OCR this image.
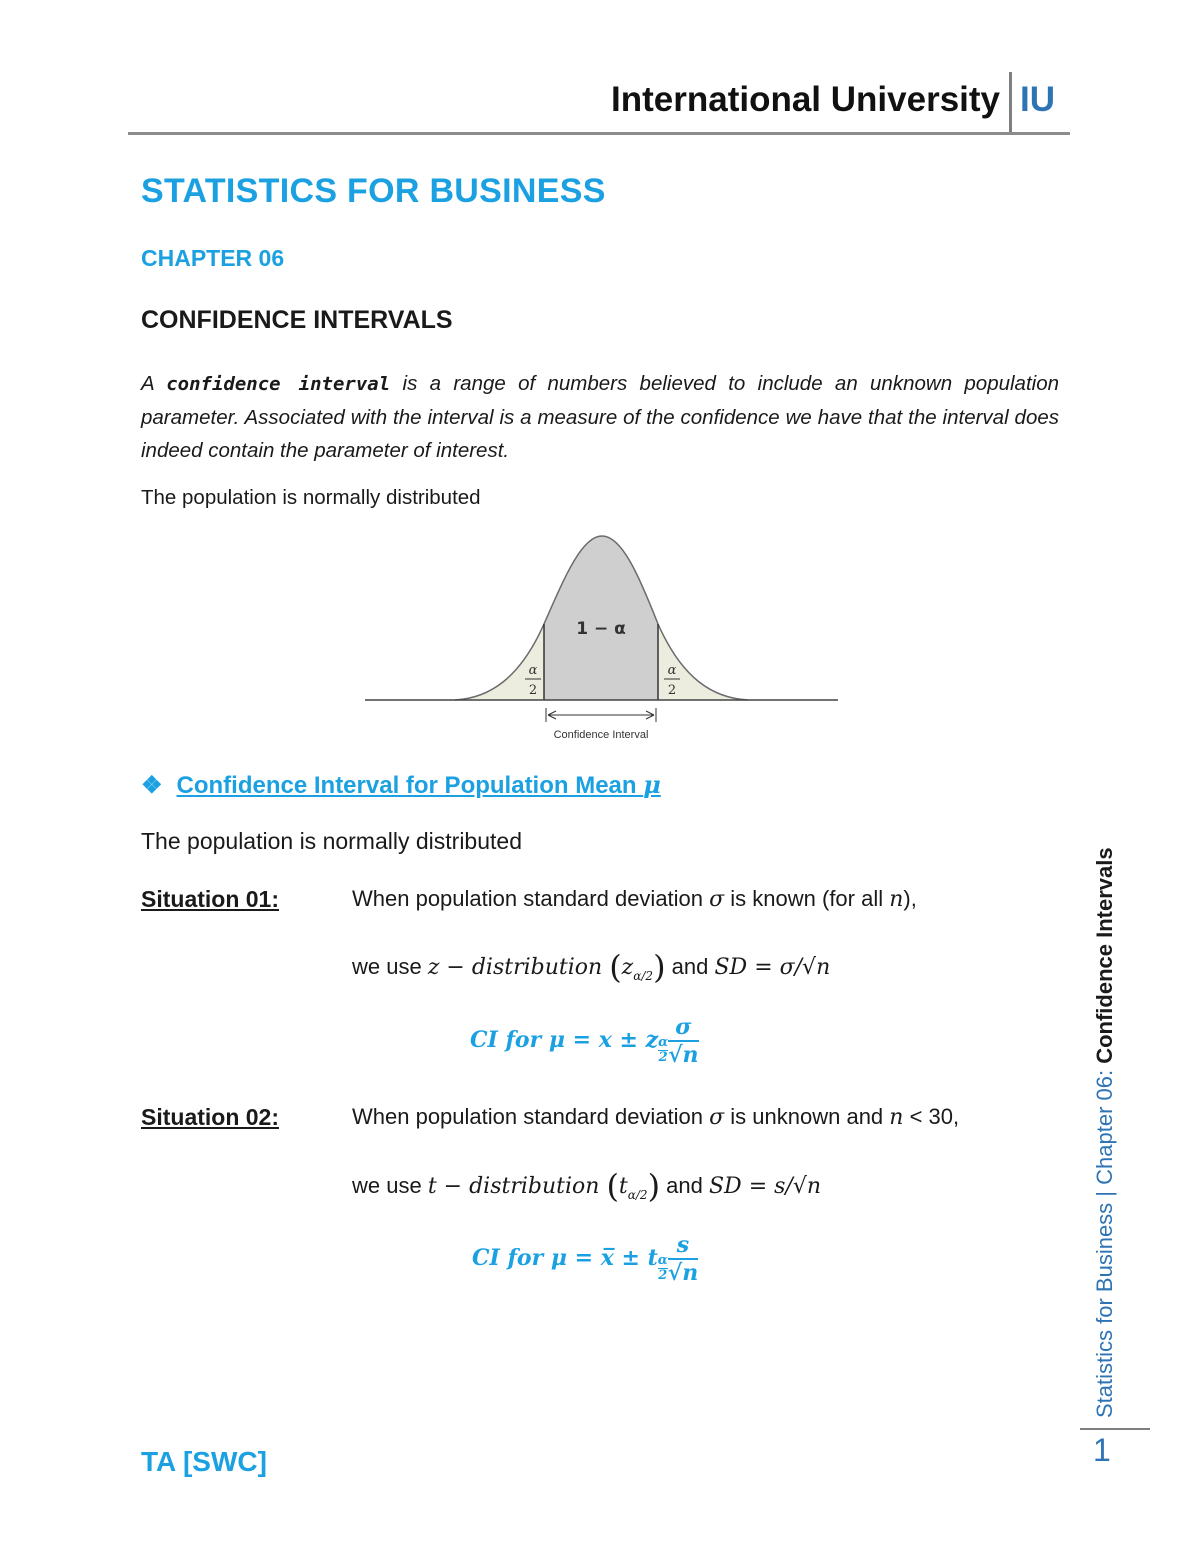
International University IU
STATISTICS FOR BUSINESS
CHAPTER 06
CONFIDENCE INTERVALS
A confidence interval is a range of numbers believed to include an unknown population parameter. Associated with the interval is a measure of the confidence we have that the interval does indeed contain the parameter of interest.
The population is normally distributed
1 − α
α
2
α
2
Confidence Interval
❖ Confidence Interval for Population Mean μ
The population is normally distributed
Situation 01:	When population standard deviation σ is known (for all n),
we use z − distribution $(z_{\alpha/2})$ and SD = σ/√n
CI for μ = x ± z $\frac{\alpha}{2} \frac{\sigma}{√n}$
Situation 02:	When population standard deviation σ is unknown and n < 30,
we use t − distribution $(t_{\alpha/2})$ and SD = s/√n
CI for μ = x̅ ± t $\frac{\alpha}{2} \frac{s}{√n}$	Statistics for Business | Chapter 06: Confidence Intervals
1
TA [SWC]
